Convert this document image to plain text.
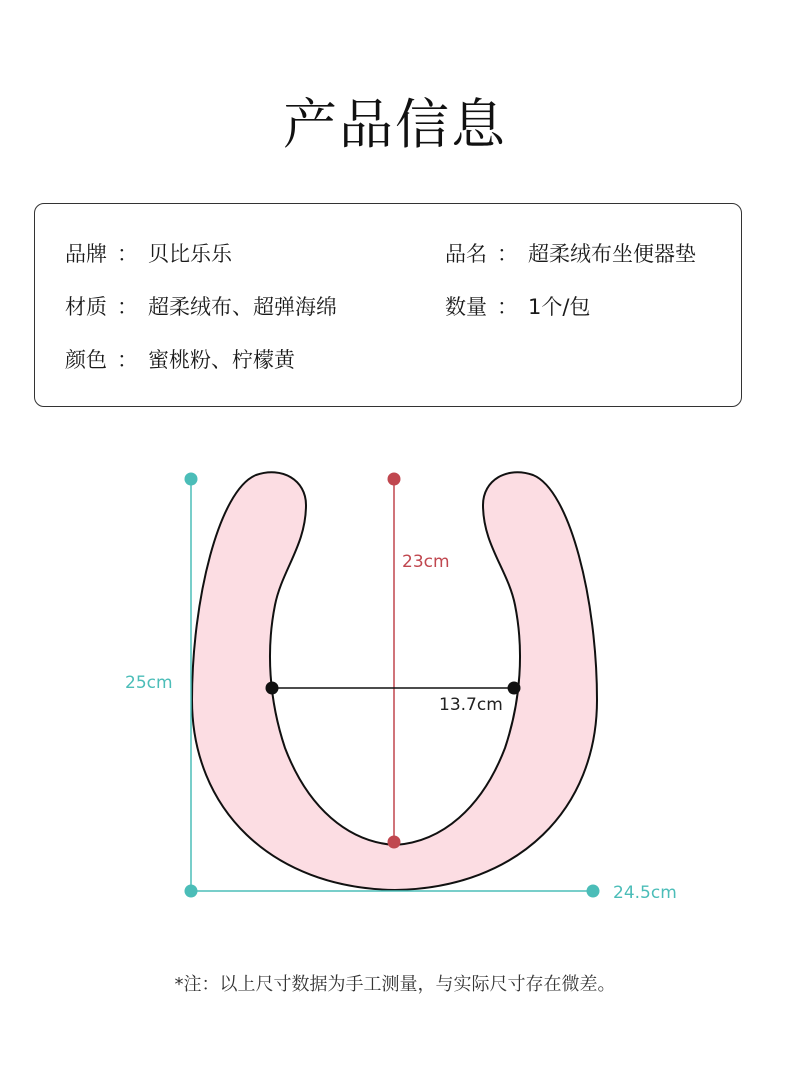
产品信息
品牌 ： 贝比乐乐	品名 ： 超柔绒布坐便器垫
材质 ： 超柔绒布、超弹海绵	数量 ： 1个/包
颜色 ： 蜜桃粉、柠檬黄
25cm
23cm
13.7cm
24.5cm
*注：以上尺寸数据为手工测量，与实际尺寸存在微差。
